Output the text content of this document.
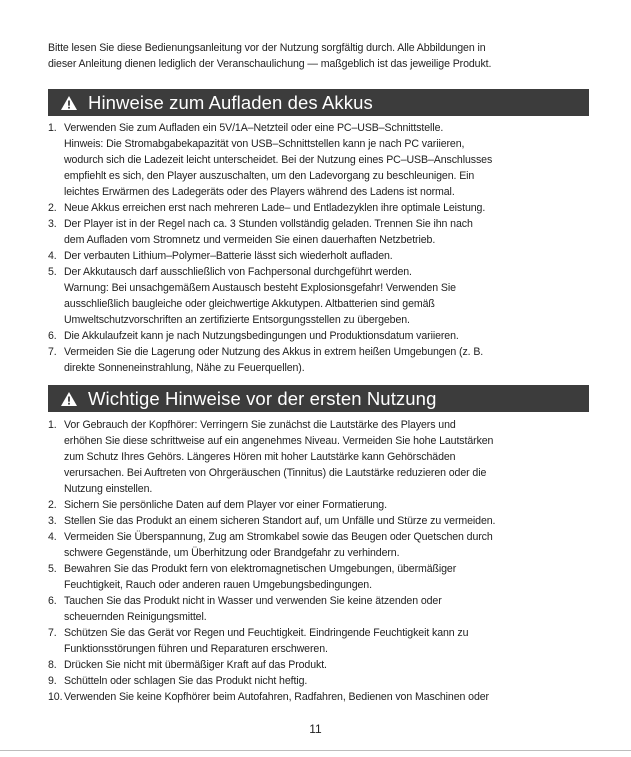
Bitte lesen Sie diese Bedienungsanleitung vor der Nutzung sorgfältig durch. Alle Abbildungen in
dieser Anleitung dienen lediglich der Veranschaulichung — maßgeblich ist das jeweilige Produkt.
Hinweise zum Aufladen des Akkus
1. Verwenden Sie zum Aufladen ein 5V/1A–Netzteil oder eine PC–USB–Schnittstelle.
Hinweis: Die Stromabgabekapazität von USB–Schnittstellen kann je nach PC variieren,
wodurch sich die Ladezeit leicht unterscheidet. Bei der Nutzung eines PC–USB–Anschlusses
empfiehlt es sich, den Player auszuschalten, um den Ladevorgang zu beschleunigen. Ein
leichtes Erwärmen des Ladegeräts oder des Players während des Ladens ist normal.
2. Neue Akkus erreichen erst nach mehreren Lade– und Entladezyklen ihre optimale Leistung.
3. Der Player ist in der Regel nach ca. 3 Stunden vollständig geladen. Trennen Sie ihn nach
dem Aufladen vom Stromnetz und vermeiden Sie einen dauerhaften Netzbetrieb.
4. Der verbauten Lithium–Polymer–Batterie lässt sich wiederholt aufladen.
5. Der Akkutausch darf ausschließlich von Fachpersonal durchgeführt werden.
Warnung: Bei unsachgemäßem Austausch besteht Explosionsgefahr! Verwenden Sie
ausschließlich baugleiche oder gleichwertige Akkutypen. Altbatterien sind gemäß
Umweltschutzvorschriften an zertifizierte Entsorgungsstellen zu übergeben.
6. Die Akkulaufzeit kann je nach Nutzungsbedingungen und Produktionsdatum variieren.
7. Vermeiden Sie die Lagerung oder Nutzung des Akkus in extrem heißen Umgebungen (z. B.
direkte Sonneneinstrahlung, Nähe zu Feuerquellen).
Wichtige Hinweise vor der ersten Nutzung
1. Vor Gebrauch der Kopfhörer: Verringern Sie zunächst die Lautstärke des Players und
erhöhen Sie diese schrittweise auf ein angenehmes Niveau. Vermeiden Sie hohe Lautstärken
zum Schutz Ihres Gehörs. Längeres Hören mit hoher Lautstärke kann Gehörschäden
verursachen. Bei Auftreten von Ohrgeräuschen (Tinnitus) die Lautstärke reduzieren oder die
Nutzung einstellen.
2. Sichern Sie persönliche Daten auf dem Player vor einer Formatierung.
3. Stellen Sie das Produkt an einem sicheren Standort auf, um Unfälle und Stürze zu vermeiden.
4. Vermeiden Sie Überspannung, Zug am Stromkabel sowie das Beugen oder Quetschen durch
schwere Gegenstände, um Überhitzung oder Brandgefahr zu verhindern.
5. Bewahren Sie das Produkt fern von elektromagnetischen Umgebungen, übermäßiger
Feuchtigkeit, Rauch oder anderen rauen Umgebungsbedingungen.
6. Tauchen Sie das Produkt nicht in Wasser und verwenden Sie keine ätzenden oder
scheuernden Reinigungsmittel.
7. Schützen Sie das Gerät vor Regen und Feuchtigkeit. Eindringende Feuchtigkeit kann zu
Funktionsstörungen führen und Reparaturen erschweren.
8. Drücken Sie nicht mit übermäßiger Kraft auf das Produkt.
9. Schütteln oder schlagen Sie das Produkt nicht heftig.
10. Verwenden Sie keine Kopfhörer beim Autofahren, Radfahren, Bedienen von Maschinen oder
11
